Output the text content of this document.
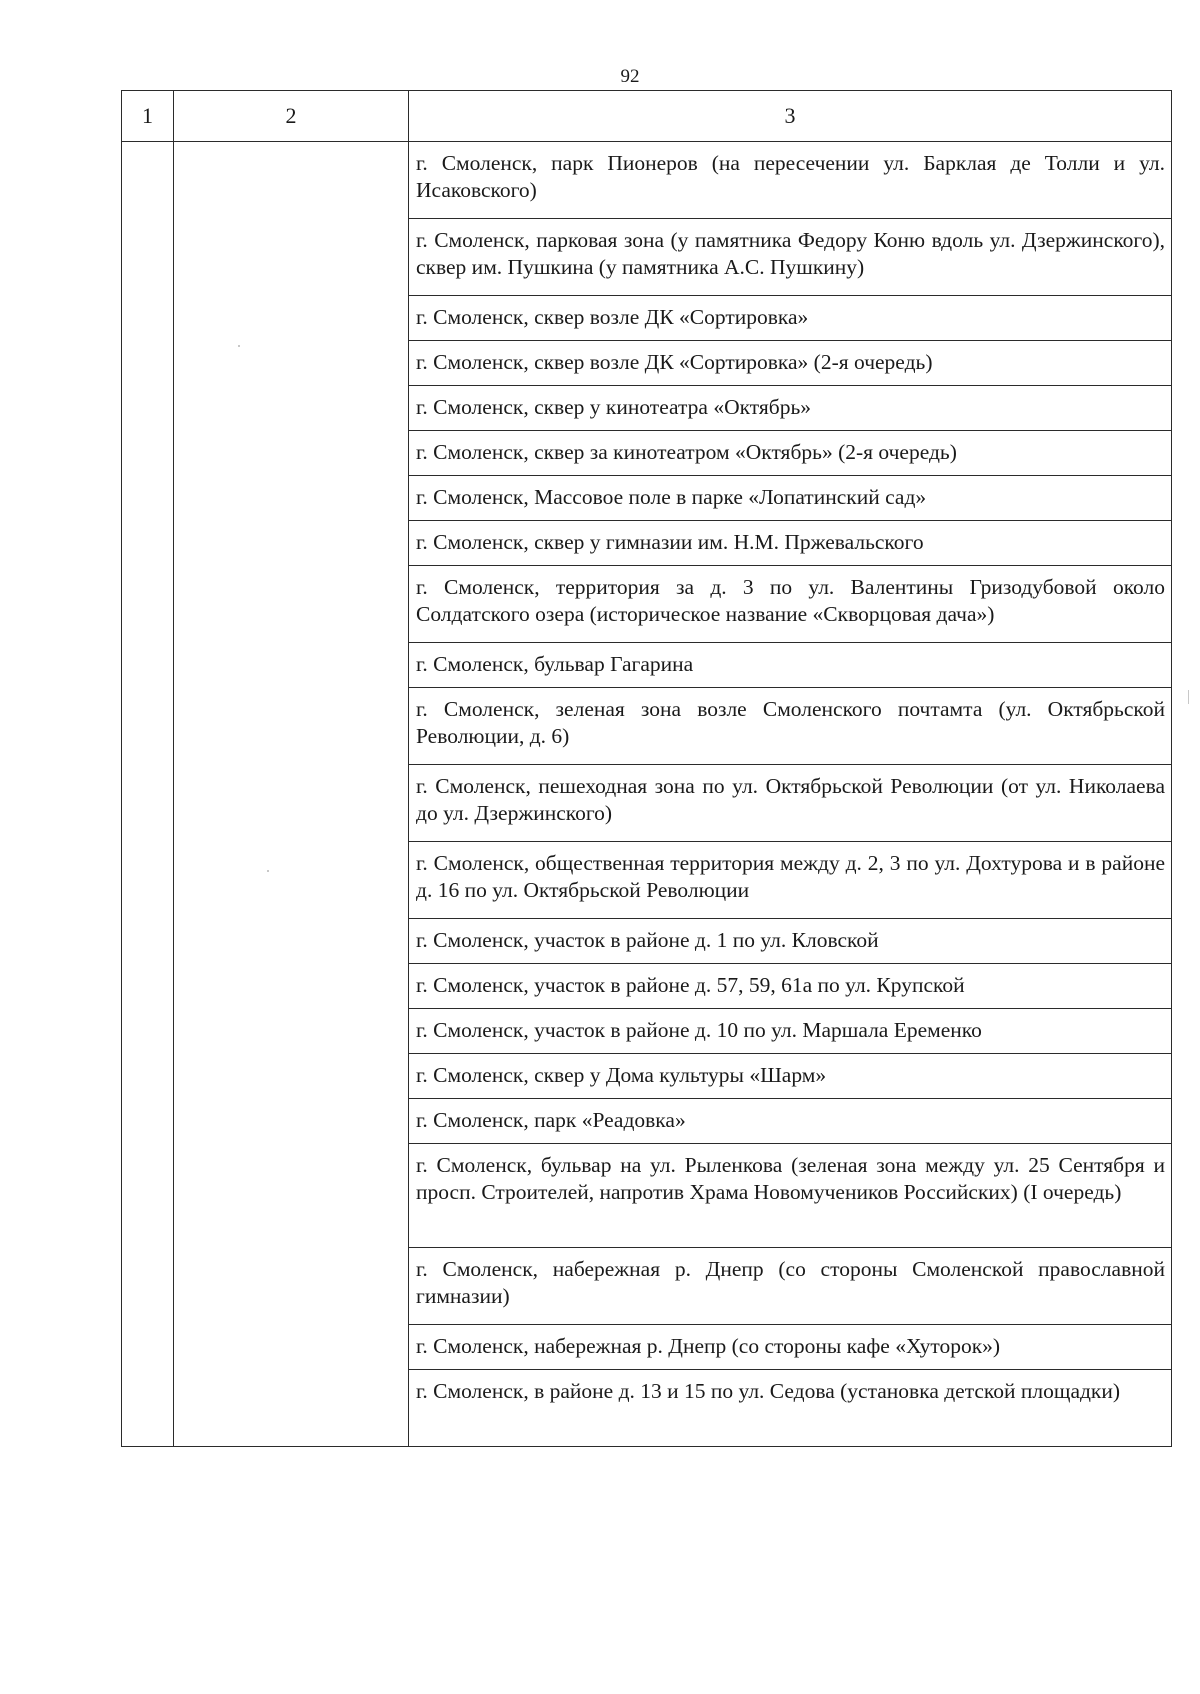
92
1	2	3
		г. Смоленск, парк Пионеров (на пересечении ул. Барклая де Толли и ул. Исаковского)
		г. Смоленск, парковая зона (у памятника Федору Коню вдоль ул. Дзержинского), сквер им. Пушкина (у памятника А.С. Пушкину)
		г. Смоленск, сквер возле ДК «Сортировка»
		г. Смоленск, сквер возле ДК «Сортировка» (2-я очередь)
		г. Смоленск, сквер у кинотеатра «Октябрь»
		г. Смоленск, сквер за кинотеатром «Октябрь» (2-я очередь)
		г. Смоленск, Массовое поле в парке «Лопатинский сад»
		г. Смоленск, сквер у гимназии им. Н.М. Пржевальского
		г. Смоленск, территория за д. 3 по ул. Валентины Гризодубовой около Солдатского озера (историческое название «Скворцовая дача»)
		г. Смоленск, бульвар Гагарина
		г. Смоленск, зеленая зона возле Смоленского почтамта (ул. Октябрьской Революции, д. 6)
		г. Смоленск, пешеходная зона по ул. Октябрьской Революции (от ул. Николаева до ул. Дзержинского)
		г. Смоленск, общественная территория между д. 2, 3 по ул. Дохтурова и в районе д. 16 по ул. Октябрьской Революции
		г. Смоленск, участок в районе д. 1 по ул. Кловской
		г. Смоленск, участок в районе д. 57, 59, 61а по ул. Крупской
		г. Смоленск, участок в районе д. 10 по ул. Маршала Еременко
		г. Смоленск, сквер у Дома культуры «Шарм»
		г. Смоленск, парк «Реадовка»
		г. Смоленск, бульвар на ул. Рыленкова (зеленая зона между ул. 25 Сентября и просп. Строителей, напротив Храма Новомучеников Российских) (I очередь)
		г. Смоленск, набережная р. Днепр (со стороны Смоленской православной гимназии)
		г. Смоленск, набережная р. Днепр (со стороны кафе «Хуторок»)
		г. Смоленск, в районе д. 13 и 15 по ул. Седова (установка детской площадки)
